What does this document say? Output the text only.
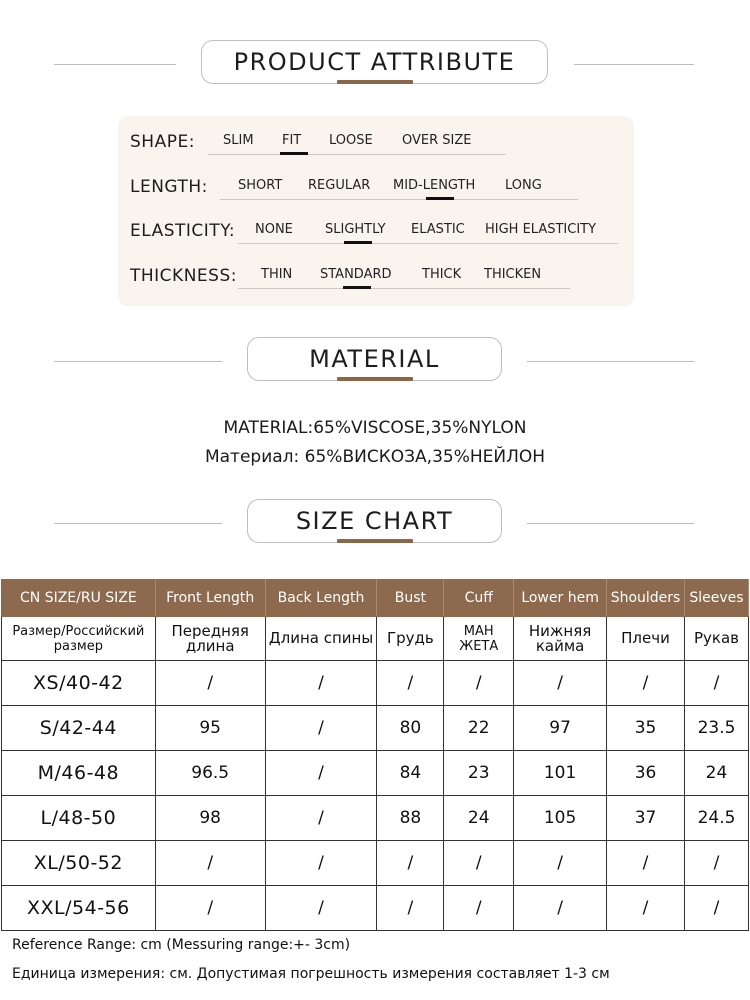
PRODUCT ATTRIBUTE
SHAPE: SLIM FIT LOOSE OVER SIZE
LENGTH: SHORT REGULAR MID-LENGTH LONG
ELASTICITY: NONE SLIGHTLY ELASTIC HIGH ELASTICITY
THICKNESS: THIN STANDARD THICK THICKEN
MATERIAL
MATERIAL:65%VISCOSE,35%NYLON
Материал: 65%ВИСКОЗА,35%НЕЙЛОН
SIZE CHART
CN SIZE/RU SIZE	Front Length	Back Length	Bust	Cuff	Lower hem	Shoulders	Sleeves
Размер/Российский размер	Передняя длина	Длина спины	Грудь	МАН ЖЕТА	Нижняя кайма	Плечи	Рукав
XS/40-42	/	/	/	/	/	/	/
S/42-44	95	/	80	22	97	35	23.5
M/46-48	96.5	/	84	23	101	36	24
L/48-50	98	/	88	24	105	37	24.5
XL/50-52	/	/	/	/	/	/	/
XXL/54-56	/	/	/	/	/	/	/
Reference Range: cm (Messuring range:+- 3cm)
Единица измерения: см. Допустимая погрешность измерения составляет 1-3 см
